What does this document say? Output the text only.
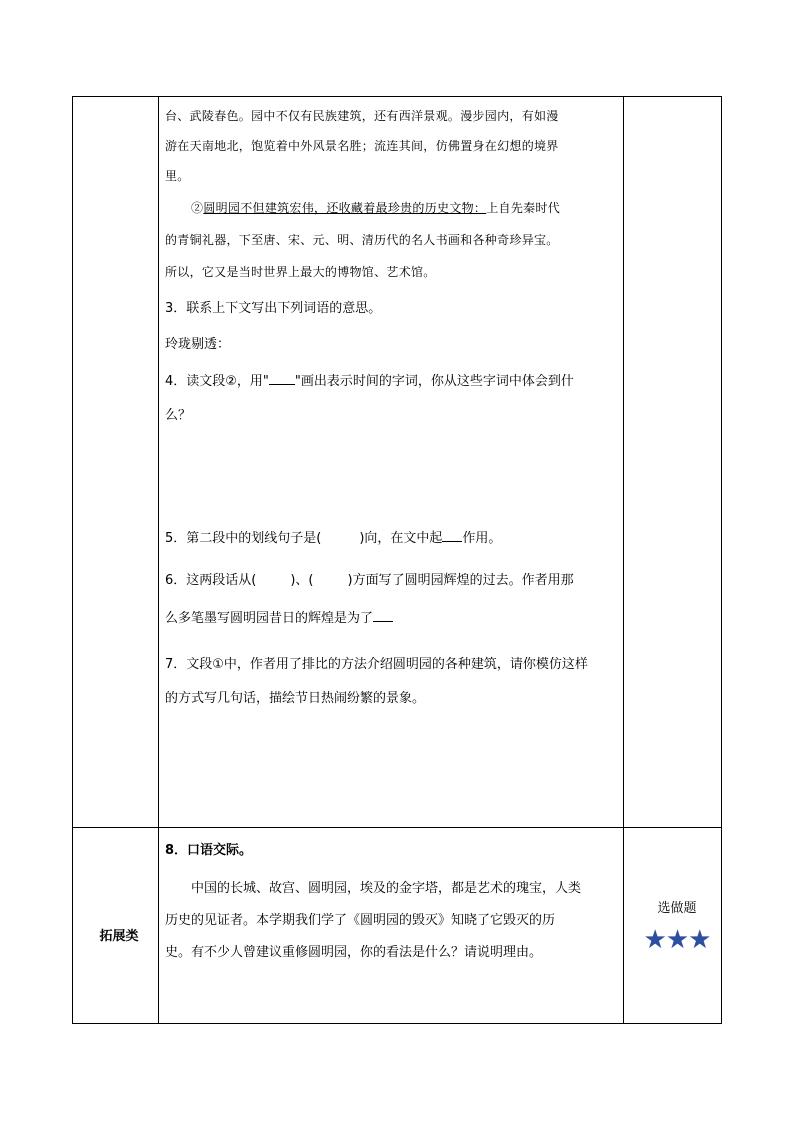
台、武陵春色。园中不仅有民族建筑，还有西洋景观。漫步园内，有如漫
游在天南地北，饱览着中外风景名胜；流连其间，仿佛置身在幻想的境界
里。
②圆明园不但建筑宏伟，还收藏着最珍贵的历史文物：上自先秦时代
的青铜礼器，下至唐、宋、元、明、清历代的名人书画和各种奇珍异宝。
所以，它又是当时世界上最大的博物馆、艺术馆。
3．联系上下文写出下列词语的意思。
玲珑剔透：
4．读文段②，用" "画出表示时间的字词，你从这些字词中体会到什
么？
5．第二段中的划线句子是(	)向，在文中起 作用。
6．这两段话从(	)、(	)方面写了圆明园辉煌的过去。作者用那
么多笔墨写圆明园昔日的辉煌是为了
7．文段①中，作者用了排比的方法介绍圆明园的各种建筑，请你模仿这样
的方式写几句话，描绘节日热闹纷繁的景象。
拓展类
8．口语交际。
中国的长城、故宫、圆明园，埃及的金字塔，都是艺术的瑰宝，人类
历史的见证者。本学期我们学了《圆明园的毁灭》知晓了它毁灭的历
史。有不少人曾建议重修圆明园，你的看法是什么？请说明理由。
选做题
★★★
